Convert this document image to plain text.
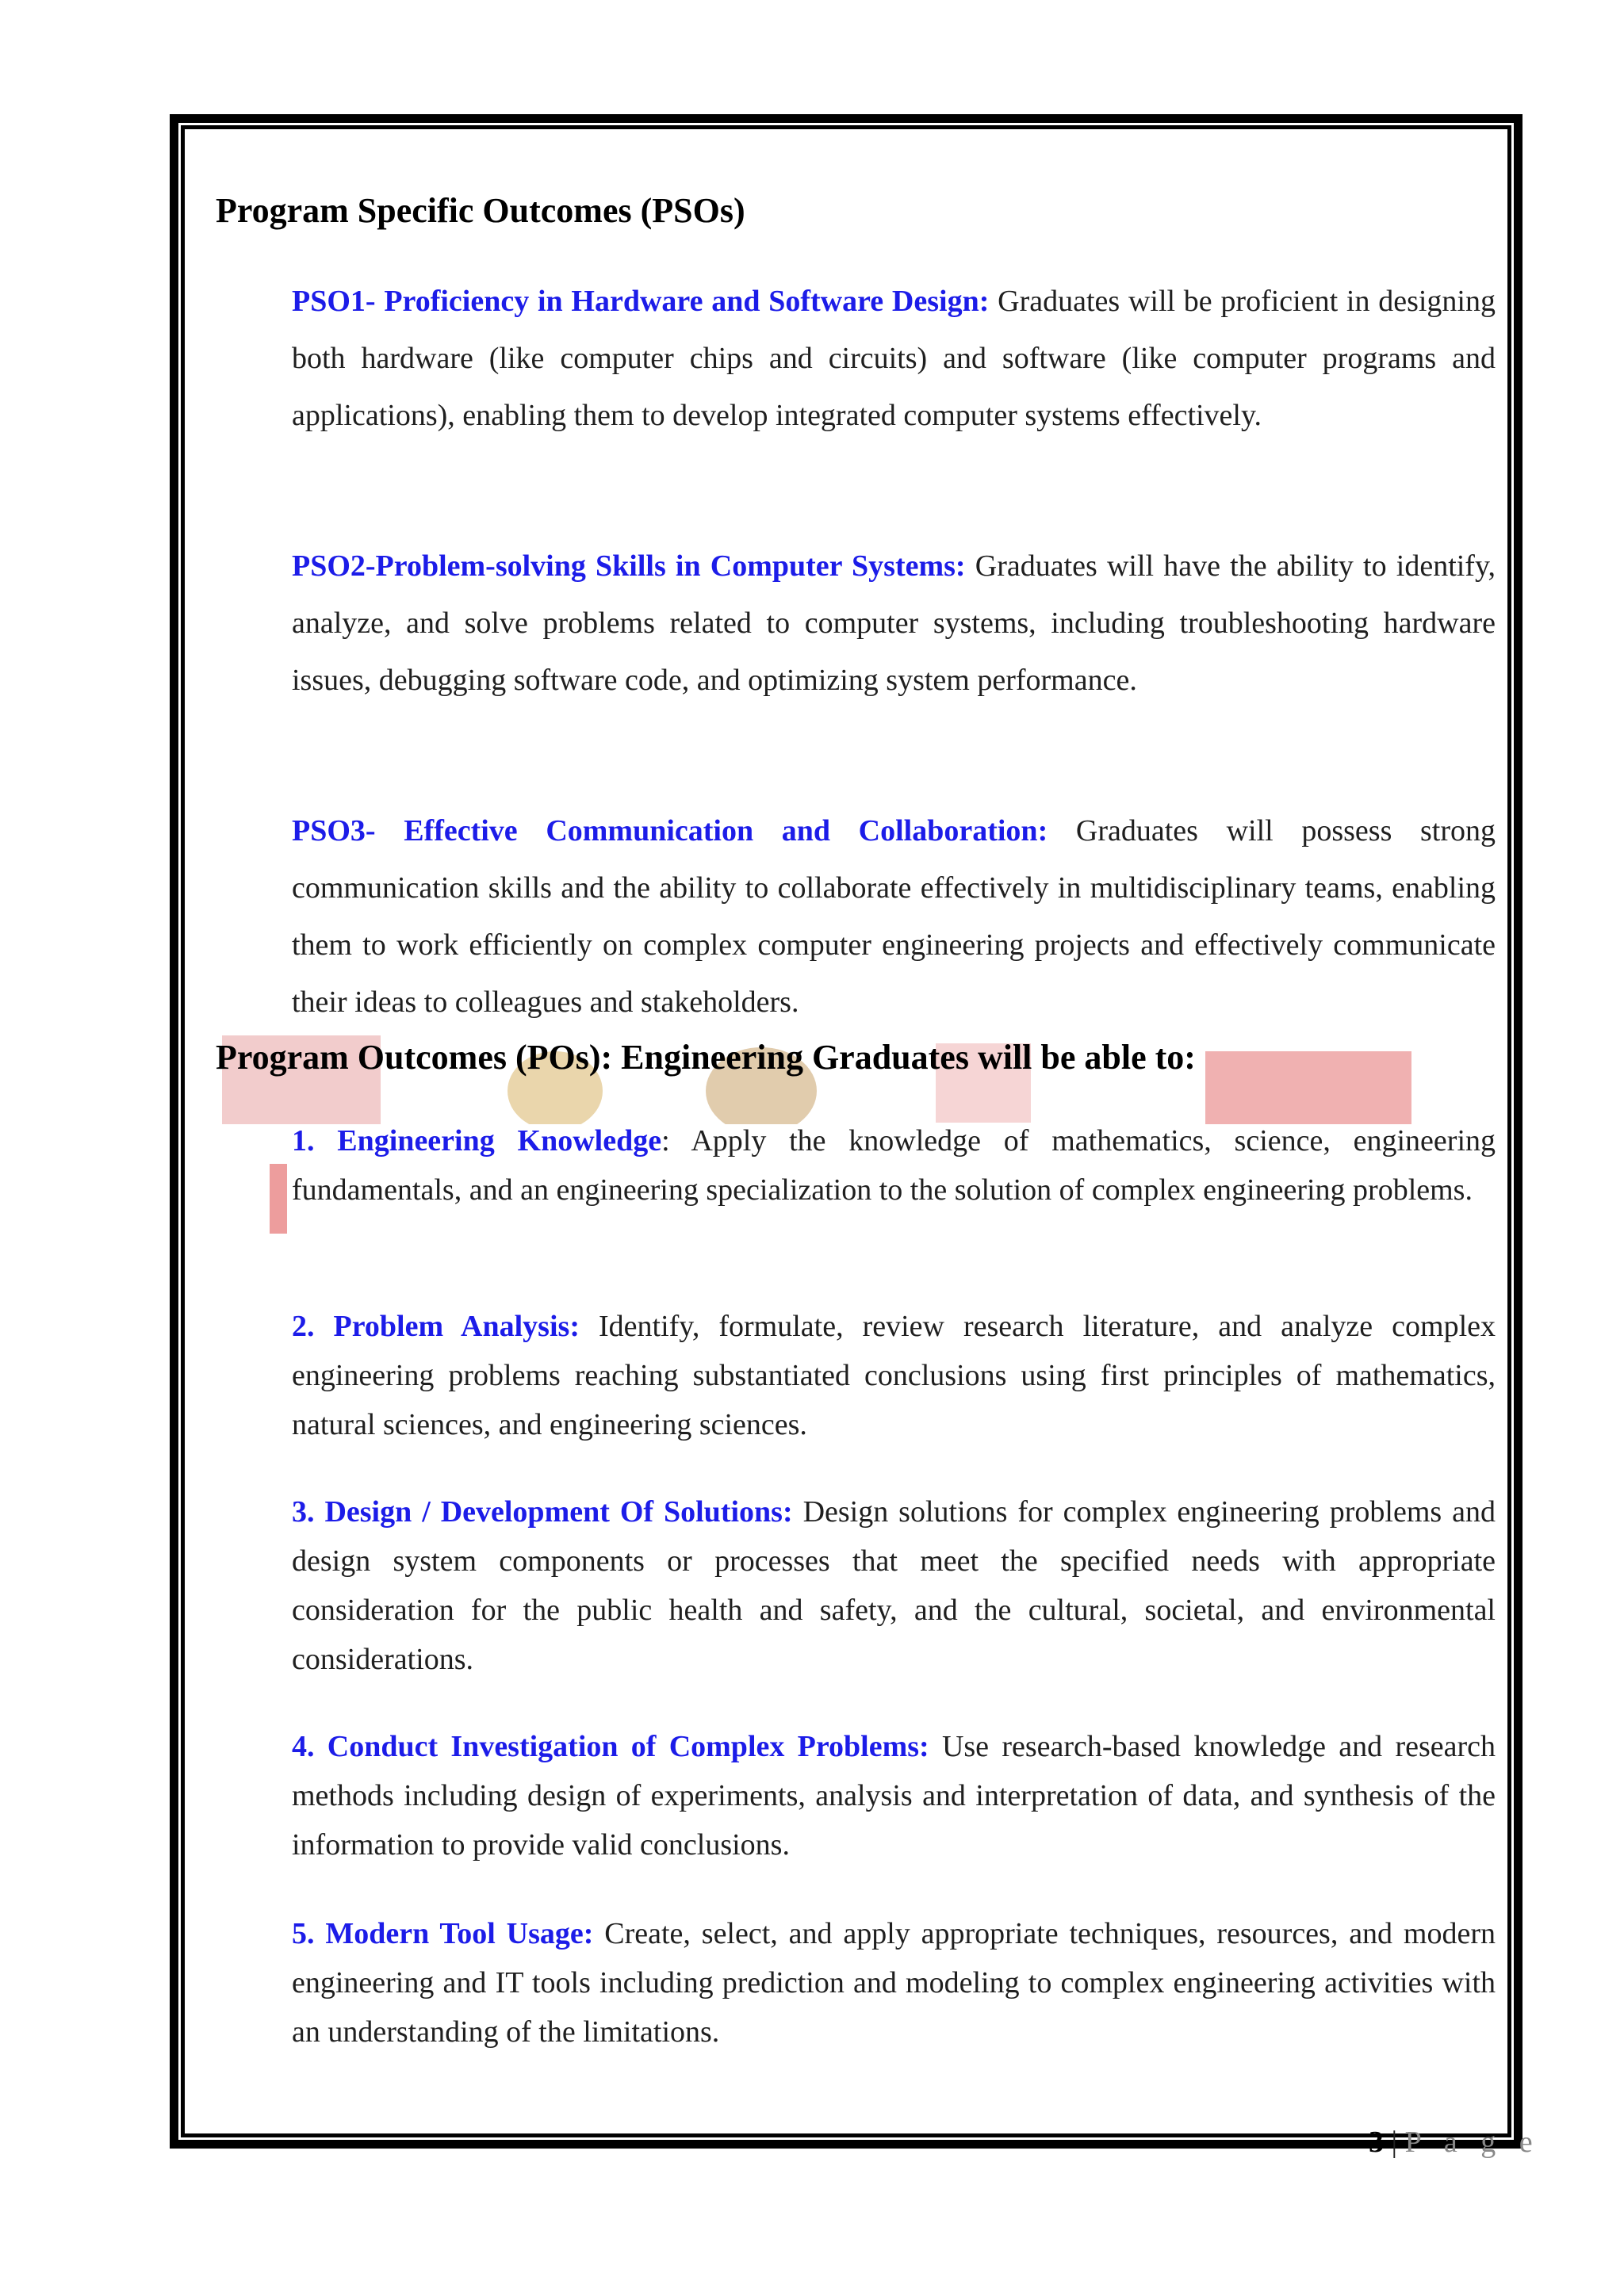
Program Specific Outcomes (PSOs)
PSO1- Proficiency in Hardware and Software Design: Graduates will be proficient in designing both hardware (like computer chips and circuits) and software (like computer programs and applications), enabling them to develop integrated computer systems effectively.
PSO2-Problem-solving Skills in Computer Systems: Graduates will have the ability to identify, analyze, and solve problems related to computer systems, including troubleshooting hardware issues, debugging software code, and optimizing system performance.
PSO3- Effective Communication and Collaboration: Graduates will possess strong communication skills and the ability to collaborate effectively in multidisciplinary teams, enabling them to work efficiently on complex computer engineering projects and effectively communicate their ideas to colleagues and stakeholders.
Program Outcomes (POs): Engineering Graduates will be able to:
1. Engineering Knowledge: Apply the knowledge of mathematics, science, engineering fundamentals, and an engineering specialization to the solution of complex engineering problems.
2. Problem Analysis: Identify, formulate, review research literature, and analyze complex engineering problems reaching substantiated conclusions using first principles of mathematics, natural sciences, and engineering sciences.
3. Design / Development Of Solutions: Design solutions for complex engineering problems and design system components or processes that meet the specified needs with appropriate consideration for the public health and safety, and the cultural, societal, and environmental considerations.
4. Conduct Investigation of Complex Problems: Use research-based knowledge and research methods including design of experiments, analysis and interpretation of data, and synthesis of the information to provide valid conclusions.
5. Modern Tool Usage: Create, select, and apply appropriate techniques, resources, and modern engineering and IT tools including prediction and modeling to complex engineering activities with an understanding of the limitations.
3 | P a g e
